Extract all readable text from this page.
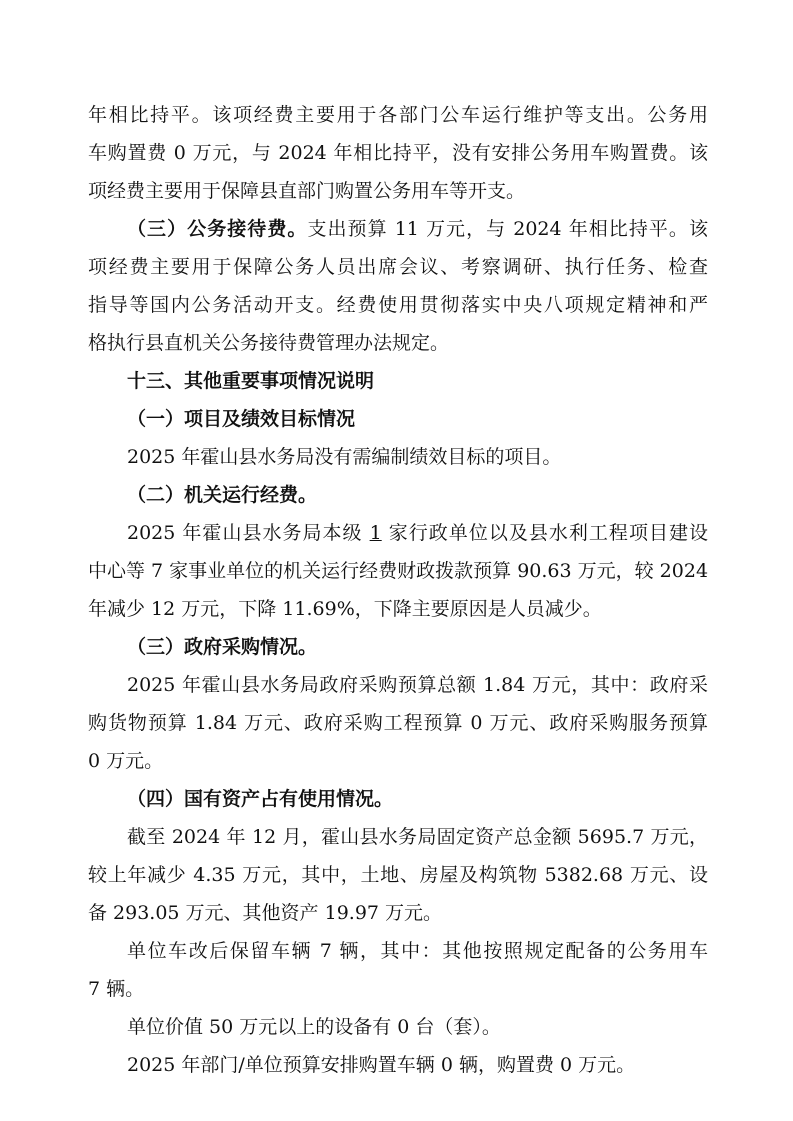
年相比持平。该项经费主要用于各部门公车运行维护等支出。公务用
车购置费 0 万元，与 2024 年相比持平，没有安排公务用车购置费。该
项经费主要用于保障县直部门购置公务用车等开支。
（三）公务接待费。支出预算 11 万元，与 2024 年相比持平。该
项经费主要用于保障公务人员出席会议、考察调研、执行任务、检查
指导等国内公务活动开支。经费使用贯彻落实中央八项规定精神和严
格执行县直机关公务接待费管理办法规定。
十三、其他重要事项情况说明
（一）项目及绩效目标情况
2025 年霍山县水务局没有需编制绩效目标的项目。
（二）机关运行经费。
2025 年霍山县水务局本级 1 家行政单位以及县水利工程项目建设
中心等 7 家事业单位的机关运行经费财政拨款预算 90.63 万元，较 2024
年减少 12 万元，下降 11.69%，下降主要原因是人员减少。
（三）政府采购情况。
2025 年霍山县水务局政府采购预算总额 1.84 万元，其中：政府采
购货物预算 1.84 万元、政府采购工程预算 0 万元、政府采购服务预算
0 万元。
（四）国有资产占有使用情况。
截至 2024 年 12 月，霍山县水务局固定资产总金额 5695.7 万元，
较上年减少 4.35 万元，其中，土地、房屋及构筑物 5382.68 万元、设
备 293.05 万元、其他资产 19.97 万元。
单位车改后保留车辆 7 辆，其中：其他按照规定配备的公务用车
7 辆。
单位价值 50 万元以上的设备有 0 台（套）。
2025 年部门/单位预算安排购置车辆 0 辆，购置费 0 万元。
